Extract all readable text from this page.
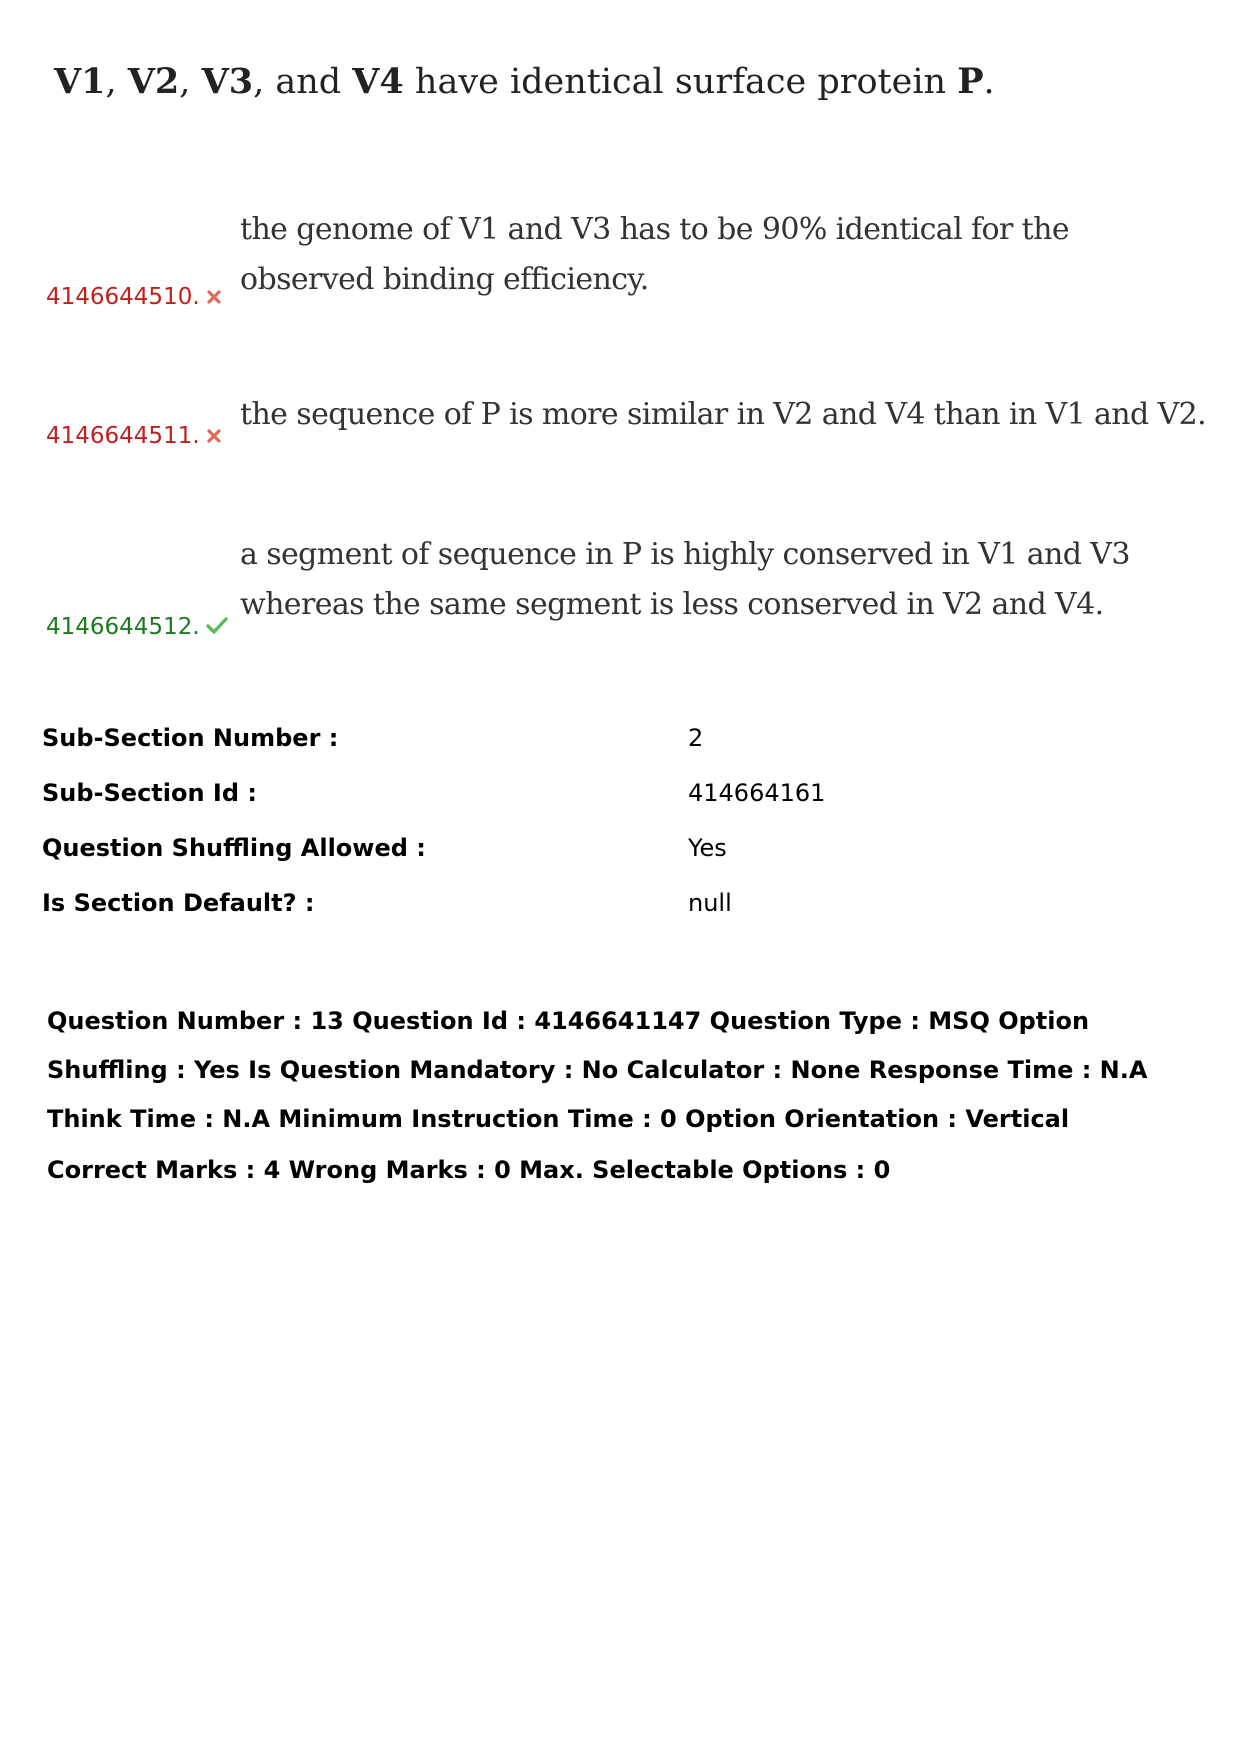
V1, V2, V3, and V4 have identical surface protein P.
the genome of V1 and V3 has to be 90% identical for the observed binding efficiency.
4146644510.
the sequence of P is more similar in V2 and V4 than in V1 and V2.
4146644511.
a segment of sequence in P is highly conserved in V1 and V3 whereas the same segment is less conserved in V2 and V4.
4146644512.
Sub-Section Number :	2
Sub-Section Id :	414664161
Question Shuffling Allowed :	Yes
Is Section Default? :	null
Question Number : 13 Question Id : 4146641147 Question Type : MSQ Option Shuffling : Yes Is Question Mandatory : No Calculator : None Response Time : N.A Think Time : N.A Minimum Instruction Time : 0 Option Orientation : Vertical
Correct Marks : 4 Wrong Marks : 0 Max. Selectable Options : 0
